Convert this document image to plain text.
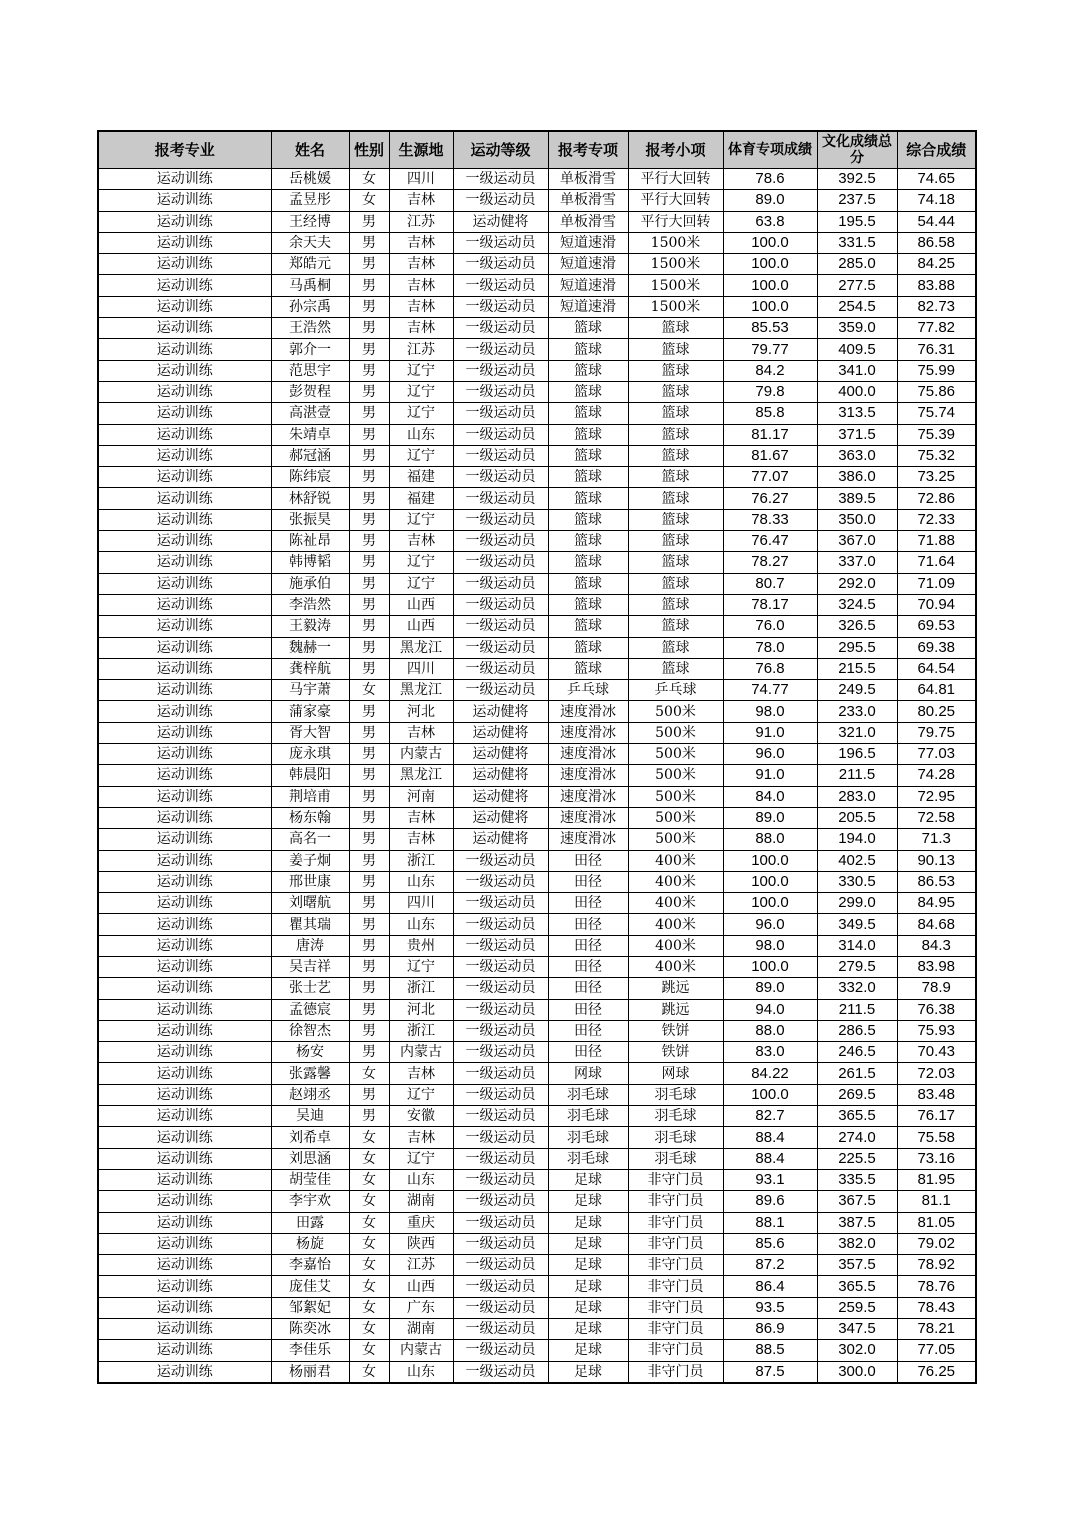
报考专业	姓名	性别	生源地	运动等级	报考专项	报考小项	体育专项成绩	文化成绩总分	综合成绩
运动训练	岳桃媛	女	四川	一级运动员	单板滑雪	平行大回转	78.6	392.5	74.65
运动训练	孟昱彤	女	吉林	一级运动员	单板滑雪	平行大回转	89.0	237.5	74.18
运动训练	王经博	男	江苏	运动健将	单板滑雪	平行大回转	63.8	195.5	54.44
运动训练	余天夫	男	吉林	一级运动员	短道速滑	1500米	100.0	331.5	86.58
运动训练	郑皓元	男	吉林	一级运动员	短道速滑	1500米	100.0	285.0	84.25
运动训练	马禹桐	男	吉林	一级运动员	短道速滑	1500米	100.0	277.5	83.88
运动训练	孙宗禹	男	吉林	一级运动员	短道速滑	1500米	100.0	254.5	82.73
运动训练	王浩然	男	吉林	一级运动员	篮球	篮球	85.53	359.0	77.82
运动训练	郭介一	男	江苏	一级运动员	篮球	篮球	79.77	409.5	76.31
运动训练	范思宇	男	辽宁	一级运动员	篮球	篮球	84.2	341.0	75.99
运动训练	彭贺程	男	辽宁	一级运动员	篮球	篮球	79.8	400.0	75.86
运动训练	高湛壹	男	辽宁	一级运动员	篮球	篮球	85.8	313.5	75.74
运动训练	朱靖卓	男	山东	一级运动员	篮球	篮球	81.17	371.5	75.39
运动训练	郝冠涵	男	辽宁	一级运动员	篮球	篮球	81.67	363.0	75.32
运动训练	陈纬宸	男	福建	一级运动员	篮球	篮球	77.07	386.0	73.25
运动训练	林舒锐	男	福建	一级运动员	篮球	篮球	76.27	389.5	72.86
运动训练	张振昊	男	辽宁	一级运动员	篮球	篮球	78.33	350.0	72.33
运动训练	陈祉昂	男	吉林	一级运动员	篮球	篮球	76.47	367.0	71.88
运动训练	韩博韬	男	辽宁	一级运动员	篮球	篮球	78.27	337.0	71.64
运动训练	施承伯	男	辽宁	一级运动员	篮球	篮球	80.7	292.0	71.09
运动训练	李浩然	男	山西	一级运动员	篮球	篮球	78.17	324.5	70.94
运动训练	王毅涛	男	山西	一级运动员	篮球	篮球	76.0	326.5	69.53
运动训练	魏赫一	男	黑龙江	一级运动员	篮球	篮球	78.0	295.5	69.38
运动训练	龚梓航	男	四川	一级运动员	篮球	篮球	76.8	215.5	64.54
运动训练	马宇萧	女	黑龙江	一级运动员	乒乓球	乒乓球	74.77	249.5	64.81
运动训练	蒲家豪	男	河北	运动健将	速度滑冰	500米	98.0	233.0	80.25
运动训练	胥大智	男	吉林	运动健将	速度滑冰	500米	91.0	321.0	79.75
运动训练	庞永琪	男	内蒙古	运动健将	速度滑冰	500米	96.0	196.5	77.03
运动训练	韩晨阳	男	黑龙江	运动健将	速度滑冰	500米	91.0	211.5	74.28
运动训练	荆培甫	男	河南	运动健将	速度滑冰	500米	84.0	283.0	72.95
运动训练	杨东翰	男	吉林	运动健将	速度滑冰	500米	89.0	205.5	72.58
运动训练	高名一	男	吉林	运动健将	速度滑冰	500米	88.0	194.0	71.3
运动训练	姜子炯	男	浙江	一级运动员	田径	400米	100.0	402.5	90.13
运动训练	邢世康	男	山东	一级运动员	田径	400米	100.0	330.5	86.53
运动训练	刘曙航	男	四川	一级运动员	田径	400米	100.0	299.0	84.95
运动训练	瞿其瑞	男	山东	一级运动员	田径	400米	96.0	349.5	84.68
运动训练	唐涛	男	贵州	一级运动员	田径	400米	98.0	314.0	84.3
运动训练	吴吉祥	男	辽宁	一级运动员	田径	400米	100.0	279.5	83.98
运动训练	张士艺	男	浙江	一级运动员	田径	跳远	89.0	332.0	78.9
运动训练	孟德宸	男	河北	一级运动员	田径	跳远	94.0	211.5	76.38
运动训练	徐智杰	男	浙江	一级运动员	田径	铁饼	88.0	286.5	75.93
运动训练	杨安	男	内蒙古	一级运动员	田径	铁饼	83.0	246.5	70.43
运动训练	张露馨	女	吉林	一级运动员	网球	网球	84.22	261.5	72.03
运动训练	赵翊丞	男	辽宁	一级运动员	羽毛球	羽毛球	100.0	269.5	83.48
运动训练	吴迪	男	安徽	一级运动员	羽毛球	羽毛球	82.7	365.5	76.17
运动训练	刘希卓	女	吉林	一级运动员	羽毛球	羽毛球	88.4	274.0	75.58
运动训练	刘思涵	女	辽宁	一级运动员	羽毛球	羽毛球	88.4	225.5	73.16
运动训练	胡莹佳	女	山东	一级运动员	足球	非守门员	93.1	335.5	81.95
运动训练	李宇欢	女	湖南	一级运动员	足球	非守门员	89.6	367.5	81.1
运动训练	田露	女	重庆	一级运动员	足球	非守门员	88.1	387.5	81.05
运动训练	杨旋	女	陕西	一级运动员	足球	非守门员	85.6	382.0	79.02
运动训练	李嘉怡	女	江苏	一级运动员	足球	非守门员	87.2	357.5	78.92
运动训练	庞佳艾	女	山西	一级运动员	足球	非守门员	86.4	365.5	78.76
运动训练	邹絮妃	女	广东	一级运动员	足球	非守门员	93.5	259.5	78.43
运动训练	陈奕冰	女	湖南	一级运动员	足球	非守门员	86.9	347.5	78.21
运动训练	李佳乐	女	内蒙古	一级运动员	足球	非守门员	88.5	302.0	77.05
运动训练	杨丽君	女	山东	一级运动员	足球	非守门员	87.5	300.0	76.25
